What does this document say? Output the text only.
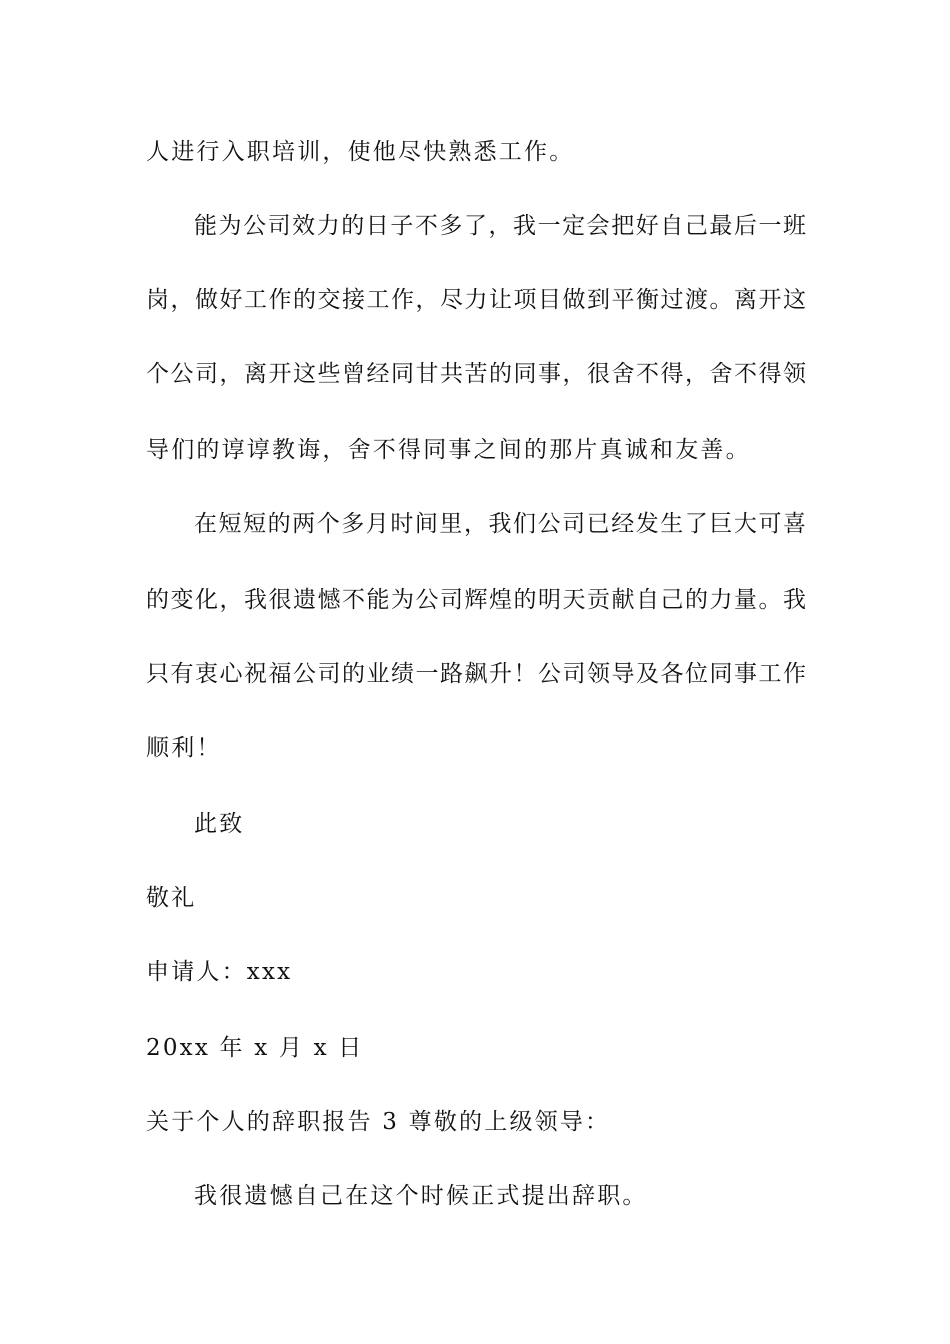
人进行入职培训，使他尽快熟悉工作。
能为公司效力的日子不多了，我一定会把好自己最后一班
岗，做好工作的交接工作，尽力让项目做到平衡过渡。离开这
个公司，离开这些曾经同甘共苦的同事，很舍不得，舍不得领
导们的谆谆教诲，舍不得同事之间的那片真诚和友善。
在短短的两个多月时间里，我们公司已经发生了巨大可喜
的变化，我很遗憾不能为公司辉煌的明天贡献自己的力量。我
只有衷心祝福公司的业绩一路飙升！公司领导及各位同事工作
顺利！
此致
敬礼
申请人：xxx
20xx 年 x 月 x 日
关于个人的辞职报告 3 尊敬的上级领导：
我很遗憾自己在这个时候正式提出辞职。
